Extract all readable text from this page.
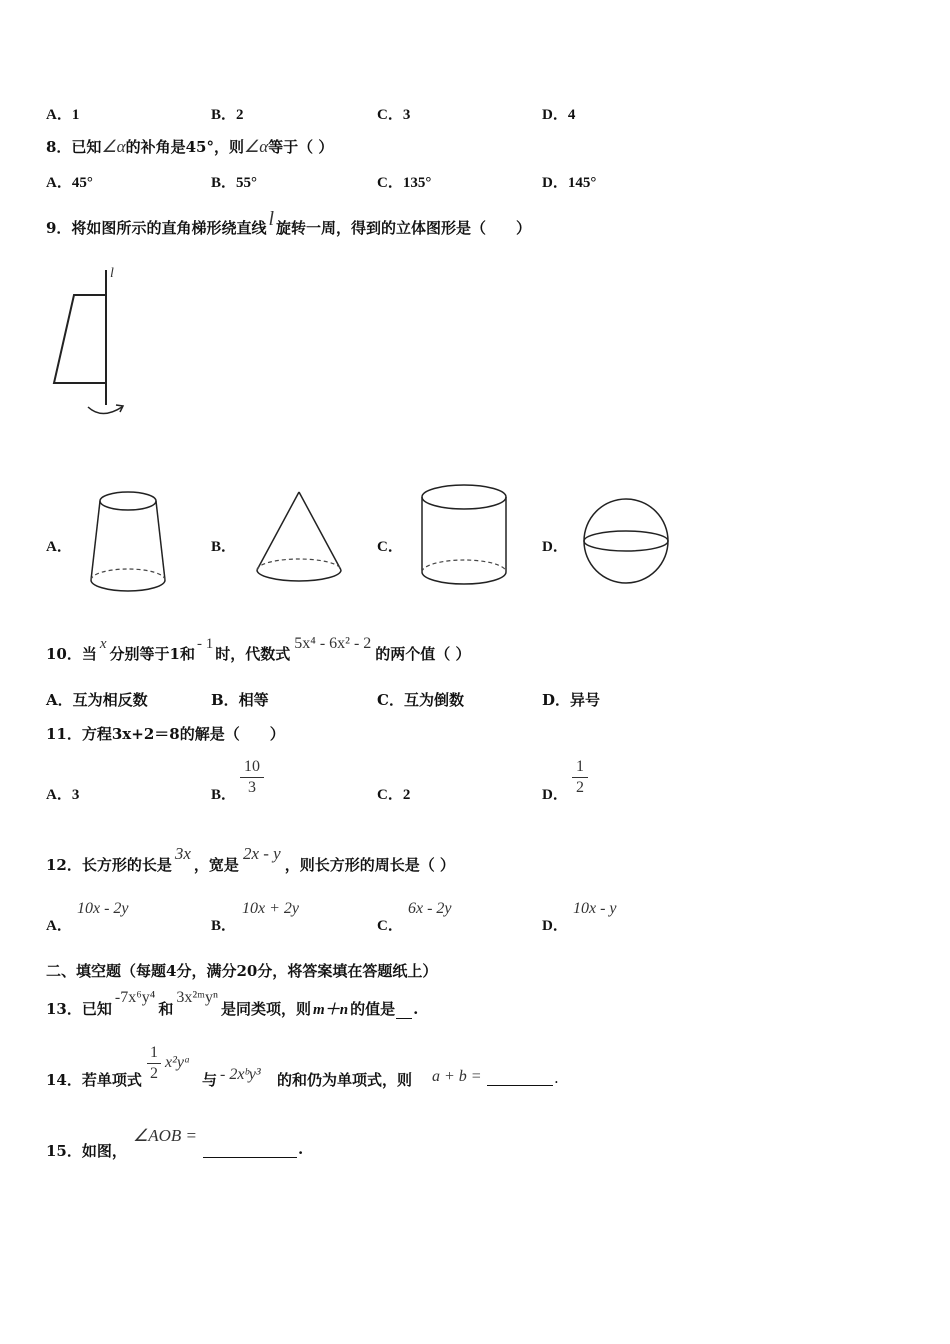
A．1	B．2	C．3	D．4
8．已知∠α的补角是45°，则∠α等于（ ）
A．45°	B．55°	C．135°	D．145°
9．将如图所示的直角梯形绕直线 l 旋转一周，得到的立体图形是（　　）
l
A．	B．	C．	D．
10．当x分别等于1和- 1时，代数式5x⁴ - 6x² - 2的两个值（ ）
A．互为相反数	B．相等	C．互为倒数	D．异号
11．方程3x+2＝8的解是（　　）
A．3	B．
10
3	C．2	D．
1
2
12．长方形的长是3x，宽是2x - y，则长方形的周长是（ ）
A．
10x - 2y
B．
10x + 2y
C．
6x - 2y
D．
10x - y
二、填空题（每题4分，满分20分，将答案填在答题纸上）
13．已知-7x⁶y⁴和3x²ᵐyⁿ是同类项，则 m＋n 的值是 .
14．若单项式
1
2
x²yᵃ
与 - 2xᵇy³ 的和仍为单项式，则 a + b =	.
15．如图，
∠AOB =
.
